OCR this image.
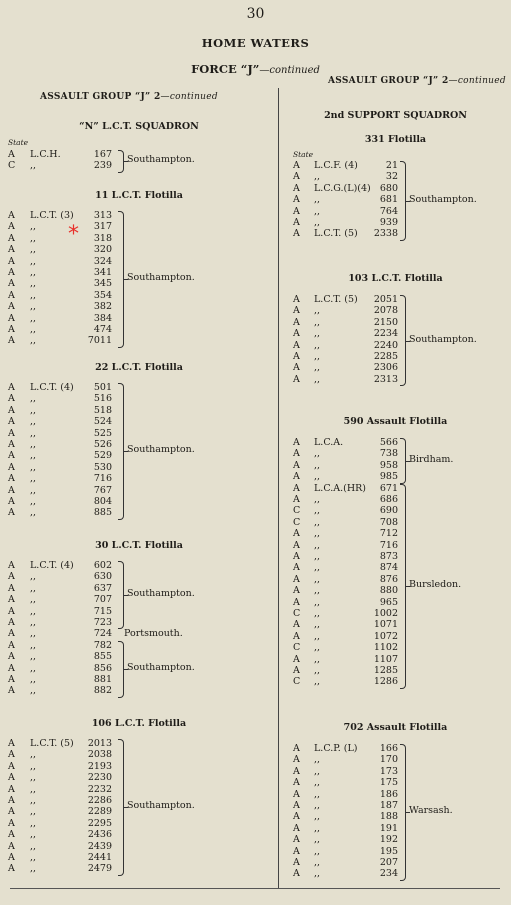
30
HOME WATERS
FORCE “J”—continued
ASSAULT GROUP “J” 2—continued
ASSAULT GROUP “J” 2—continued
2nd SUPPORT SQUADRON
“N” L.C.T. SQUADRON
State
A L.C.H.	167
C ,,	239
Southampton.
11 L.C.T. Flotilla
A L.C.T. (3)	313
A ,,	317
A ,,	318
A ,,	320
A ,,	324
A ,,	341
A ,,	345
A ,,	354
A ,,	382
A ,,	384
A ,,	474
A ,,	7011
Southampton.
22 L.C.T. Flotilla
A L.C.T. (4)	501
A ,,	516
A ,,	518
A ,,	524
A ,,	525
A ,,	526
A ,,	529
A ,,	530
A ,,	716
A ,,	767
A ,,	804
A ,,	885
Southampton.
30 L.C.T. Flotilla
A L.C.T. (4)	602
A ,,	630
A ,,	637
A ,,	707
A ,,	715
A ,,	723
A ,,	724
A ,,	782
A ,,	855
A ,,	856
A ,,	881
A ,,	882
Southampton.
Portsmouth.
Southampton.
106 L.C.T. Flotilla
A L.C.T. (5)	2013
A ,,	2038
A ,,	2193
A ,,	2230
A ,,	2232
A ,,	2286
A ,,	2289
A ,,	2295
A ,,	2436
A ,,	2439
A ,,	2441
A ,,	2479
Southampton.
331 Flotilla
State
A L.C.F. (4)	21
A ,,	32
A L.C.G.(L)(4) 680
A ,,	681
A ,,	764
A ,,	939
A L.C.T. (5)	2338
Southampton.
103 L.C.T. Flotilla
A L.C.T. (5)	2051
A ,,	2078
A ,,	2150
A ,,	2234
A ,,	2240
A ,,	2285
A ,,	2306
A ,,	2313
Southampton.
590 Assault Flotilla
A L.C.A.	566
A ,,	738
A ,,	958
A ,,	985
A L.C.A.(HR)	671
A ,,	686
C ,,	690
C ,,	708
A ,,	712
A ,,	716
A ,,	873
A ,,	874
A ,,	876
A ,,	880
A ,,	965
C ,,	1002
A ,,	1071
A ,,	1072
C ,,	1102
A ,,	1107
A ,,	1285
C ,,	1286
Birdham.
Bursledon.
702 Assault Flotilla
A L.C.P. (L)	166
A ,,	170
A ,,	173
A ,,	175
A ,,	186
A ,,	187
A ,,	188
A ,,	191
A ,,	192
A ,,	195
A ,,	207
A ,,	234
Warsash.
*
